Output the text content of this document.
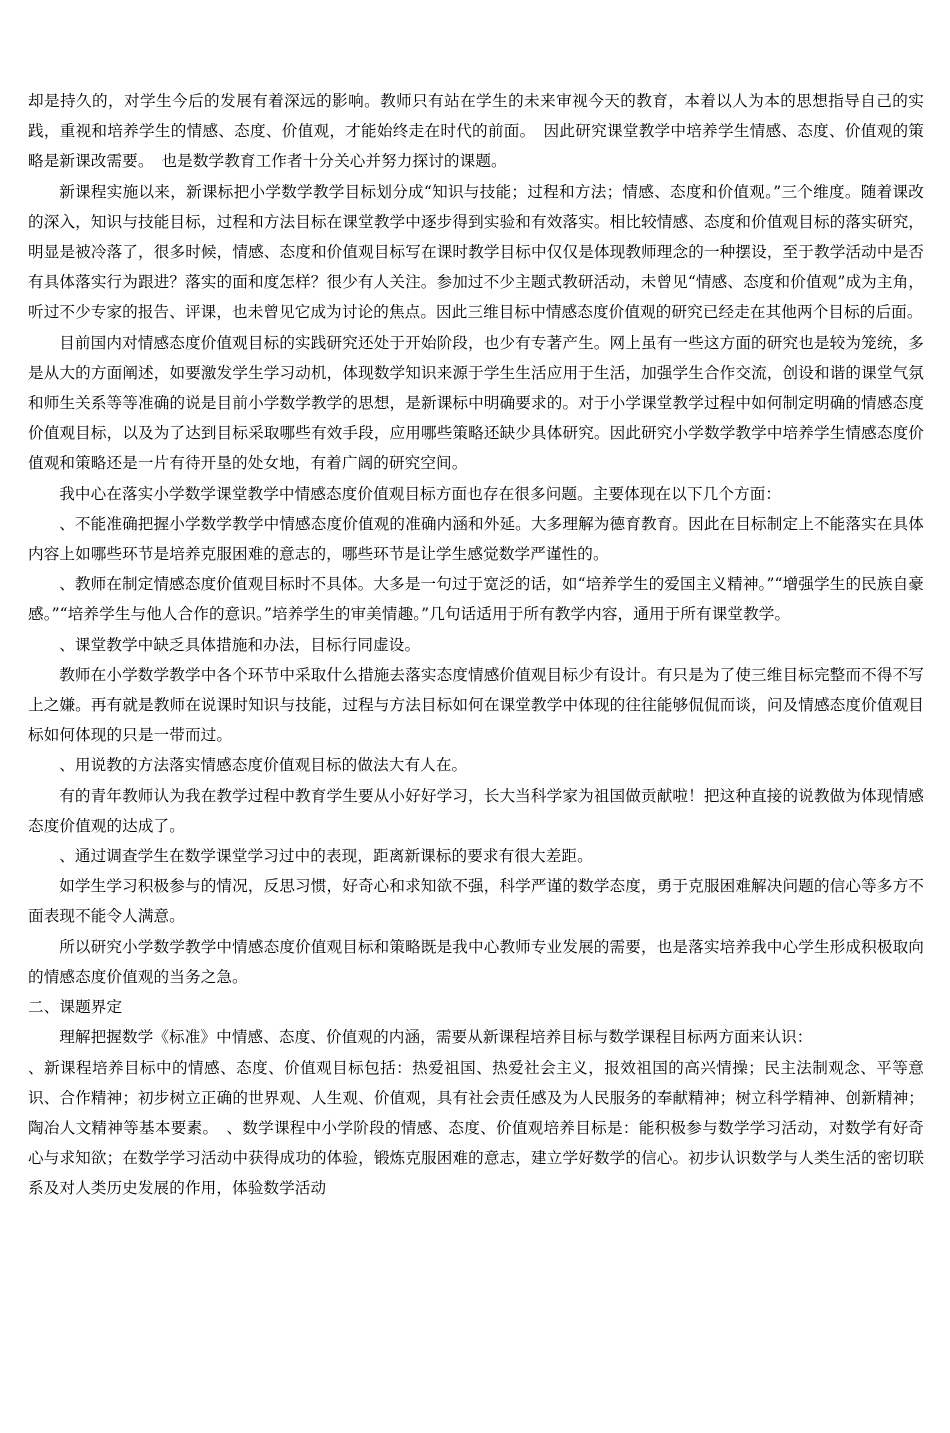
却是持久的，对学生今后的发展有着深远的影响。教师只有站在学生的未来审视今天的教育，本着以人为本的思想指导自己的实践，重视和培养学生的情感、态度、价值观，才能始终走在时代的前面。　因此研究课堂教学中培养学生情感、态度、价值观的策略是新课改需要。　也是数学教育工作者十分关心并努力探讨的课题。

新课程实施以来，新课标把小学数学教学目标划分成“知识与技能；过程和方法；情感、态度和价值观。”三个维度。随着课改的深入，知识与技能目标，过程和方法目标在课堂教学中逐步得到实验和有效落实。相比较情感、态度和价值观目标的落实研究，明显是被冷落了，很多时候，情感、态度和价值观目标写在课时教学目标中仅仅是体现教师理念的一种摆设，至于教学活动中是否有具体落实行为跟进？落实的面和度怎样？很少有人关注。参加过不少主题式教研活动，未曾见“情感、态度和价值观”成为主角，听过不少专家的报告、评课，也未曾见它成为讨论的焦点。因此三维目标中情感态度价值观的研究已经走在其他两个目标的后面。

目前国内对情感态度价值观目标的实践研究还处于开始阶段，也少有专著产生。网上虽有一些这方面的研究也是较为笼统，多是从大的方面阐述，如要激发学生学习动机，体现数学知识来源于学生生活应用于生活，加强学生合作交流，创设和谐的课堂气氛和师生关系等等准确的说是目前小学数学教学的思想，是新课标中明确要求的。对于小学课堂教学过程中如何制定明确的情感态度价值观目标，以及为了达到目标采取哪些有效手段，应用哪些策略还缺少具体研究。因此研究小学数学教学中培养学生情感态度价值观和策略还是一片有待开垦的处女地，有着广阔的研究空间。

我中心在落实小学数学课堂教学中情感态度价值观目标方面也存在很多问题。主要体现在以下几个方面：

、不能准确把握小学数学教学中情感态度价值观的准确内涵和外延。大多理解为德育教育。因此在目标制定上不能落实在具体内容上如哪些环节是培养克服困难的意志的，哪些环节是让学生感觉数学严谨性的。

、教师在制定情感态度价值观目标时不具体。大多是一句过于宽泛的话，如“培养学生的爱国主义精神。”“增强学生的民族自豪感。”“培养学生与他人合作的意识。”培养学生的审美情趣。”几句话适用于所有教学内容，通用于所有课堂教学。

、课堂教学中缺乏具体措施和办法，目标行同虚设。

教师在小学数学教学中各个环节中采取什么措施去落实态度情感价值观目标少有设计。有只是为了使三维目标完整而不得不写上之嫌。再有就是教师在说课时知识与技能，过程与方法目标如何在课堂教学中体现的往往能够侃侃而谈，问及情感态度价值观目标如何体现的只是一带而过。

、用说教的方法落实情感态度价值观目标的做法大有人在。

有的青年教师认为我在教学过程中教育学生要从小好好学习，长大当科学家为祖国做贡献啦！把这种直接的说教做为体现情感态度价值观的达成了。

、通过调查学生在数学课堂学习过中的表现，距离新课标的要求有很大差距。

如学生学习积极参与的情况，反思习惯，好奇心和求知欲不强，科学严谨的数学态度，勇于克服困难解决问题的信心等多方不面表现不能令人满意。

所以研究小学数学教学中情感态度价值观目标和策略既是我中心教师专业发展的需要，也是落实培养我中心学生形成积极取向的情感态度价值观的当务之急。

二、课题界定

理解把握数学《标准》中情感、态度、价值观的内涵，需要从新课程培养目标与数学课程目标两方面来认识：

、新课程培养目标中的情感、态度、价值观目标包括：热爱祖国、热爱社会主义，报效祖国的高兴情操；民主法制观念、平等意识、合作精神；初步树立正确的世界观、人生观、价值观，具有社会责任感及为人民服务的奉献精神；树立科学精神、创新精神；陶冶人文精神等基本要素。　、数学课程中小学阶段的情感、态度、价值观培养目标是：能积极参与数学学习活动，对数学有好奇心与求知欲；在数学学习活动中获得成功的体验，锻炼克服困难的意志，建立学好数学的信心。初步认识数学与人类生活的密切联系及对人类历史发展的作用，体验数学活动
